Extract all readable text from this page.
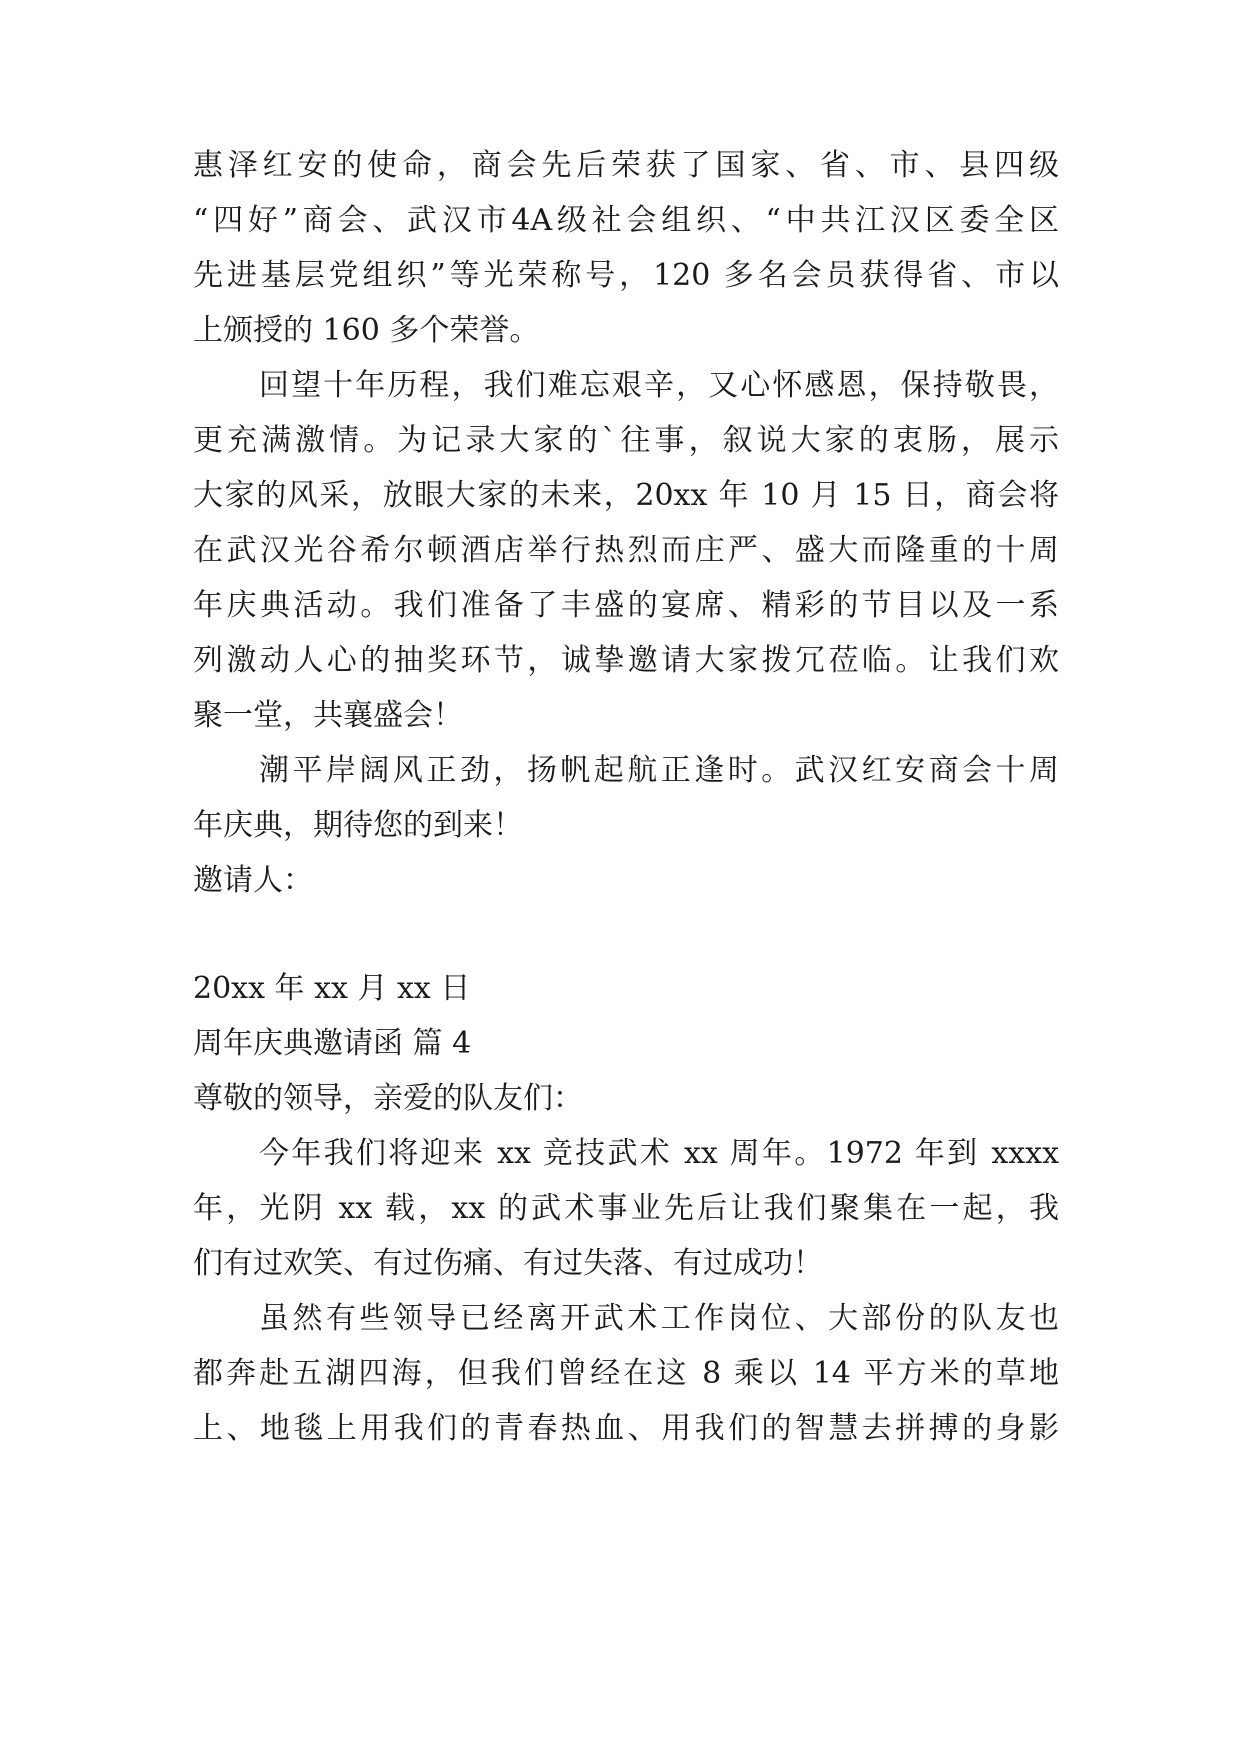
惠泽红安的使命，商会先后荣获了国家、省、市、县四级
“四好”商会、武汉市4A级社会组织、“中共江汉区委全区
先进基层党组织”等光荣称号，120 多名会员获得省、市以
上颁授的 160 多个荣誉。
回望十年历程，我们难忘艰辛，又心怀感恩，保持敬畏，
更充满激情。为记录大家的`往事，叙说大家的衷肠，展示
大家的风采，放眼大家的未来，20xx 年 10 月 15 日，商会将
在武汉光谷希尔顿酒店举行热烈而庄严、盛大而隆重的十周
年庆典活动。我们准备了丰盛的宴席、精彩的节目以及一系
列激动人心的抽奖环节，诚挚邀请大家拨冗莅临。让我们欢
聚一堂，共襄盛会！
潮平岸阔风正劲，扬帆起航正逢时。武汉红安商会十周
年庆典，期待您的到来！
邀请人：
20xx 年 xx 月 xx 日
周年庆典邀请函 篇 4
尊敬的领导，亲爱的队友们：
今年我们将迎来 xx 竞技武术 xx 周年。1972 年到 xxxx
年，光阴 xx 载，xx 的武术事业先后让我们聚集在一起，我
们有过欢笑、有过伤痛、有过失落、有过成功！
虽然有些领导已经离开武术工作岗位、大部份的队友也
都奔赴五湖四海，但我们曾经在这 8 乘以 14 平方米的草地
上、地毯上用我们的青春热血、用我们的智慧去拼搏的身影
